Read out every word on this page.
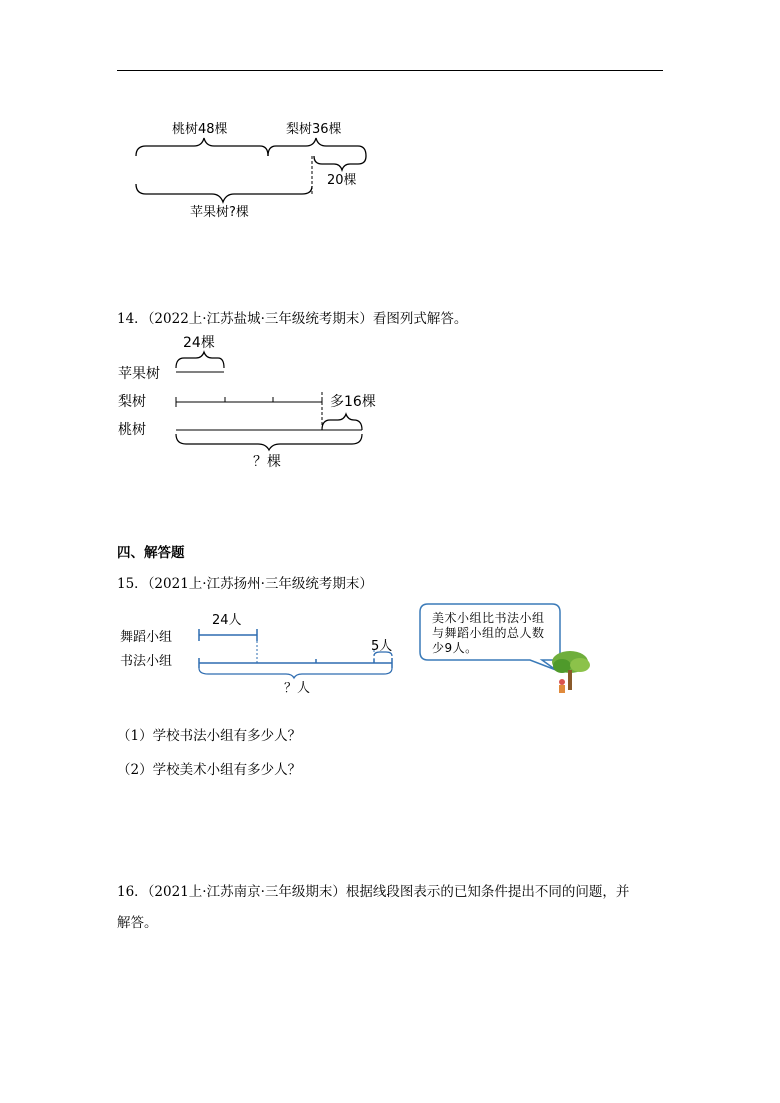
桃树48棵	梨树36棵
20棵
苹果树?棵
14．（2022上·江苏盐城·三年级统考期末）看图列式解答。
24棵
苹果树
梨树	多16棵
桃树
？棵
四、解答题
15．（2021上·江苏扬州·三年级统考期末）
24人
舞蹈小组
书法小组
5人
？人
美术小组比书法小组与舞蹈小组的总人数少9人。
（1）学校书法小组有多少人？
（2）学校美术小组有多少人？
16．（2021上·江苏南京·三年级期末）根据线段图表示的已知条件提出不同的问题，并
解答。
